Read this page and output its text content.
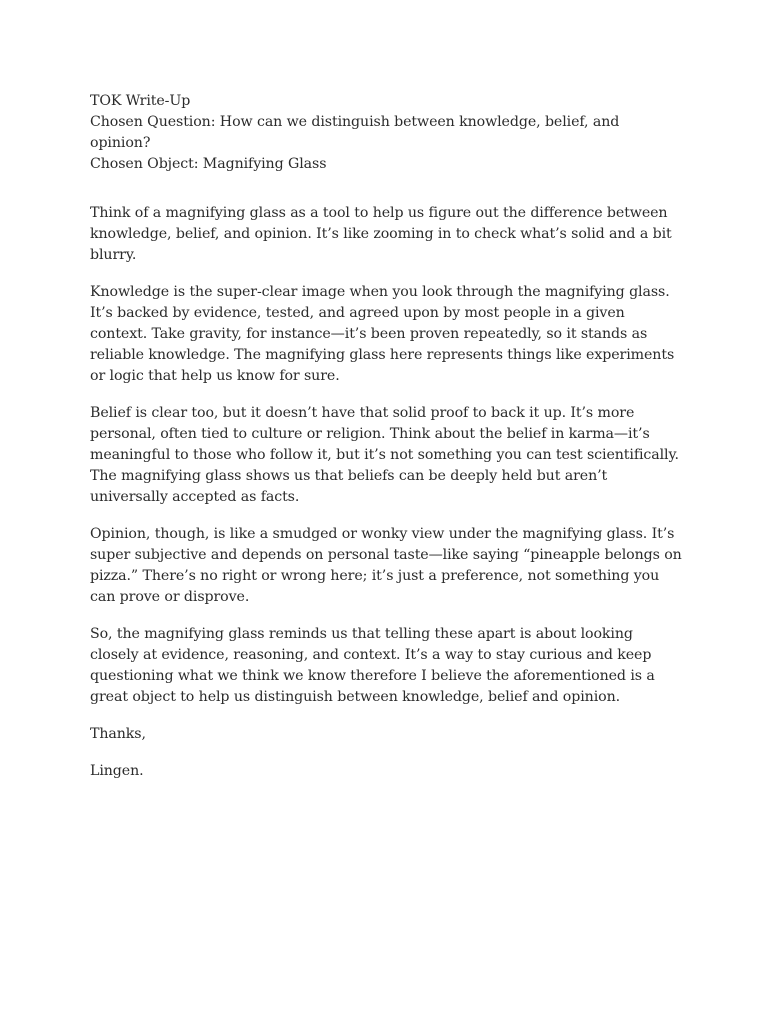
TOK Write-Up
Chosen Question: How can we distinguish between knowledge, belief, and opinion?
Chosen Object: Magnifying Glass

Think of a magnifying glass as a tool to help us figure out the difference between knowledge, belief, and opinion. It’s like zooming in to check what’s solid and a bit blurry.

Knowledge is the super-clear image when you look through the magnifying glass. It’s backed by evidence, tested, and agreed upon by most people in a given context. Take gravity, for instance—it’s been proven repeatedly, so it stands as reliable knowledge. The magnifying glass here represents things like experiments or logic that help us know for sure.

Belief is clear too, but it doesn’t have that solid proof to back it up. It’s more personal, often tied to culture or religion. Think about the belief in karma—it’s meaningful to those who follow it, but it’s not something you can test scientifically. The magnifying glass shows us that beliefs can be deeply held but aren’t universally accepted as facts.

Opinion, though, is like a smudged or wonky view under the magnifying glass. It’s super subjective and depends on personal taste—like saying “pineapple belongs on pizza.” There’s no right or wrong here; it’s just a preference, not something you can prove or disprove.

So, the magnifying glass reminds us that telling these apart is about looking closely at evidence, reasoning, and context. It’s a way to stay curious and keep questioning what we think we know therefore I believe the aforementioned is a great object to help us distinguish between knowledge, belief and opinion.

Thanks,

Lingen.
